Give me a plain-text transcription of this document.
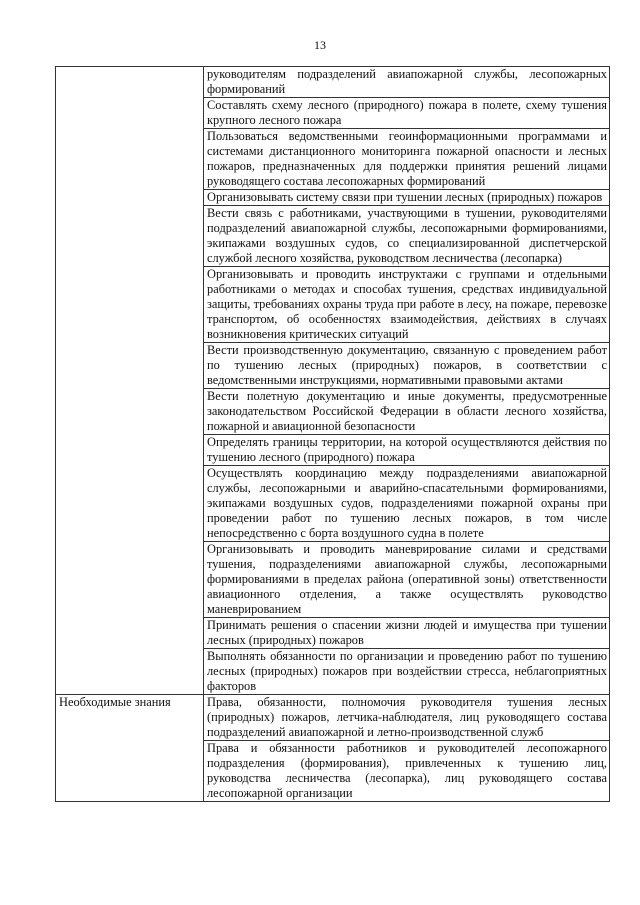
13
	руководителям подразделений авиапожарной службы, лесопожарных формирований
	Составлять схему лесного (природного) пожара в полете, схему тушения крупного лесного пожара
	Пользоваться ведомственными геоинформационными программами и системами дистанционного мониторинга пожарной опасности и лесных пожаров, предназначенных для поддержки принятия решений лицами руководящего состава лесопожарных формирований
	Организовывать систему связи при тушении лесных (природных) пожаров
	Вести связь с работниками, участвующими в тушении, руководителями подразделений авиапожарной службы, лесопожарными формированиями, экипажами воздушных судов, со специализированной диспетчерской службой лесного хозяйства, руководством лесничества (лесопарка)
	Организовывать и проводить инструктажи с группами и отдельными работниками о методах и способах тушения, средствах индивидуальной защиты, требованиях охраны труда при работе в лесу, на пожаре, перевозке транспортом, об особенностях взаимодействия, действиях в случаях возникновения критических ситуаций
	Вести производственную документацию, связанную с проведением работ по тушению лесных (природных) пожаров, в соответствии с ведомственными инструкциями, нормативными правовыми актами
	Вести полетную документацию и иные документы, предусмотренные законодательством Российской Федерации в области лесного хозяйства, пожарной и авиационной безопасности
	Определять границы территории, на которой осуществляются действия по тушению лесного (природного) пожара
	Осуществлять координацию между подразделениями авиапожарной службы, лесопожарными и аварийно-спасательными формированиями, экипажами воздушных судов, подразделениями пожарной охраны при проведении работ по тушению лесных пожаров, в том числе непосредственно с борта воздушного судна в полете
	Организовывать и проводить маневрирование силами и средствами тушения, подразделениями авиапожарной службы, лесопожарными формированиями в пределах района (оперативной зоны) ответственности авиационного отделения, а также осуществлять руководство маневрированием
	Принимать решения о спасении жизни людей и имущества при тушении лесных (природных) пожаров
	Выполнять обязанности по организации и проведению работ по тушению лесных (природных) пожаров при воздействии стресса, неблагоприятных факторов
Необходимые знания	Права, обязанности, полномочия руководителя тушения лесных (природных) пожаров, летчика-наблюдателя, лиц руководящего состава подразделений авиапожарной и летно-производственной служб
	Права и обязанности работников и руководителей лесопожарного подразделения (формирования), привлеченных к тушению лиц, руководства лесничества (лесопарка), лиц руководящего состава лесопожарной организации
